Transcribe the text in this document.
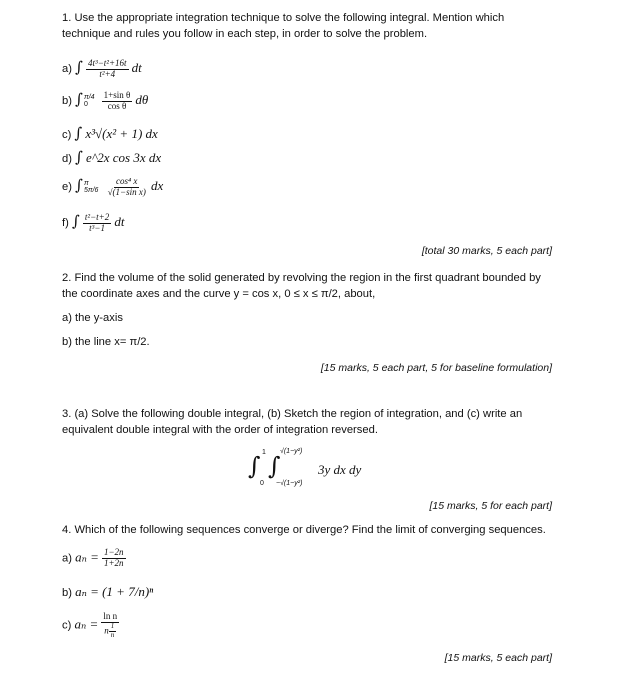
1. Use the appropriate integration technique to solve the following integral. Mention which
technique and rules you follow in each step, in order to solve the problem.
a) ∫ $\frac{\text{4t³−t²+16t}}{\text{t²+4}}$ dt
b) ∫ π/4
0
	$\frac{\text{1+sin θ}}{\text{cos θ}}$ dθ
c) ∫ x³√(x² + 1) dx
d) ∫ e^2x cos 3x dx
e) ∫ π
5π/6
$\frac{\text{cos⁴ x}}{\text{√(1−sin x)}}$ dx
f) ∫ $\frac{\text{t²−t+2}}{\text{t³−1}}$ dt
[total 30 marks, 5 each part]
2. Find the volume of the solid generated by revolving the region in the first quadrant bounded by
the coordinate axes and the curve y = cos x, 0 ≤ x ≤ π/2, about,
a) the y-axis
b) the line x= π/2.
[15 marks, 5 each part, 5 for baseline formulation]
3. (a) Solve the following double integral, (b) Sketch the region of integration, and (c) write an
equivalent double integral with the order of integration reversed.
∫ 1
0
∫
√(1−y²)
−√(1−y²)
3y dx dy
[15 marks, 5 for each part]
4. Which of the following sequences converge or diverge? Find the limit of converging sequences.
a) $a_n = \frac{1-2n}{1+2n}$
b) aₙ = (1 + 7/n)ⁿ
c) $a_n = \frac{\text{ln n}}{n \frac{1}{n}}$
[15 marks, 5 each part]
